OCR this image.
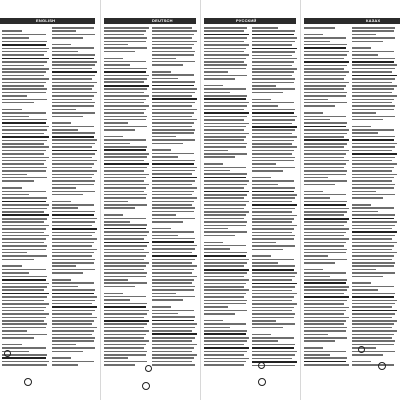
ENGLISH	DEUTSCH	РУССКИЙ	КАЗАХ
